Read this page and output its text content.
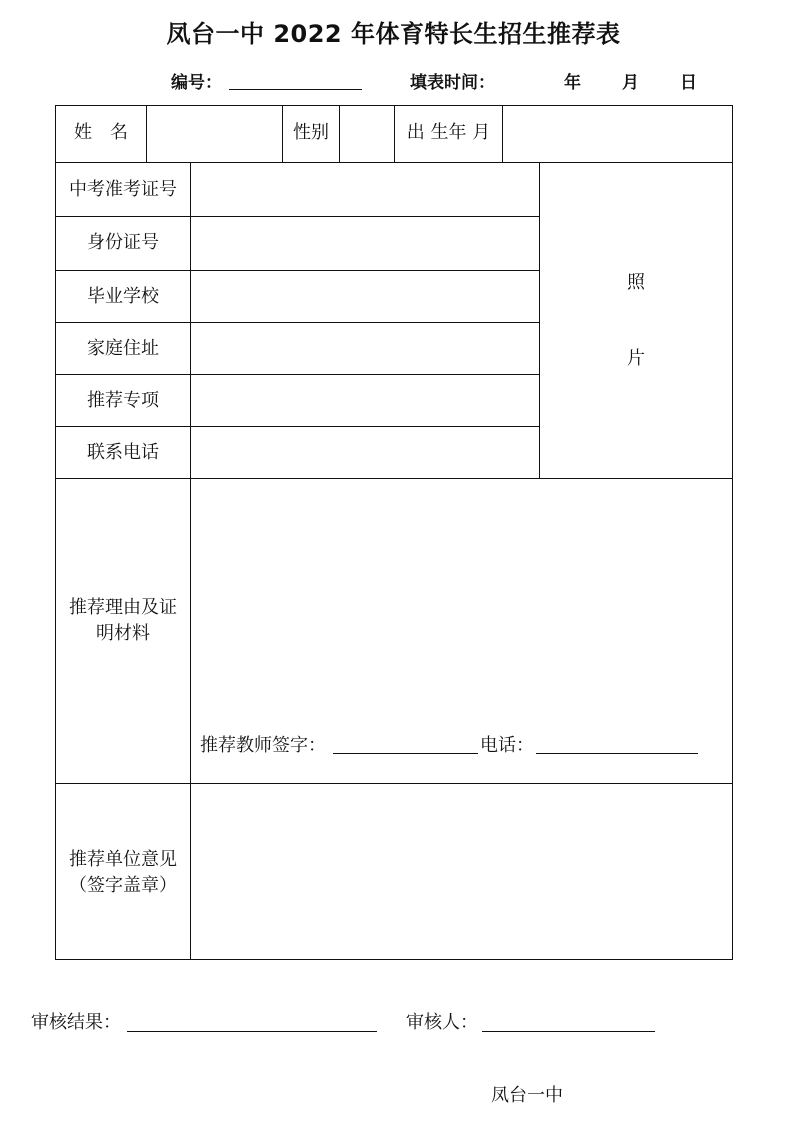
凤台一中 2022 年体育特长生招生推荐表
编号：	填表时间：	年 月 日
姓　名	性别	出 生年 月
中考准考证号
身份证号
毕业学校
家庭住址
推荐专项
联系电话
照
片
推荐理由及证
明材料
推荐教师签字：	电话：
推荐单位意见
（签字盖章）
审核结果：	审核人：
凤台一中
